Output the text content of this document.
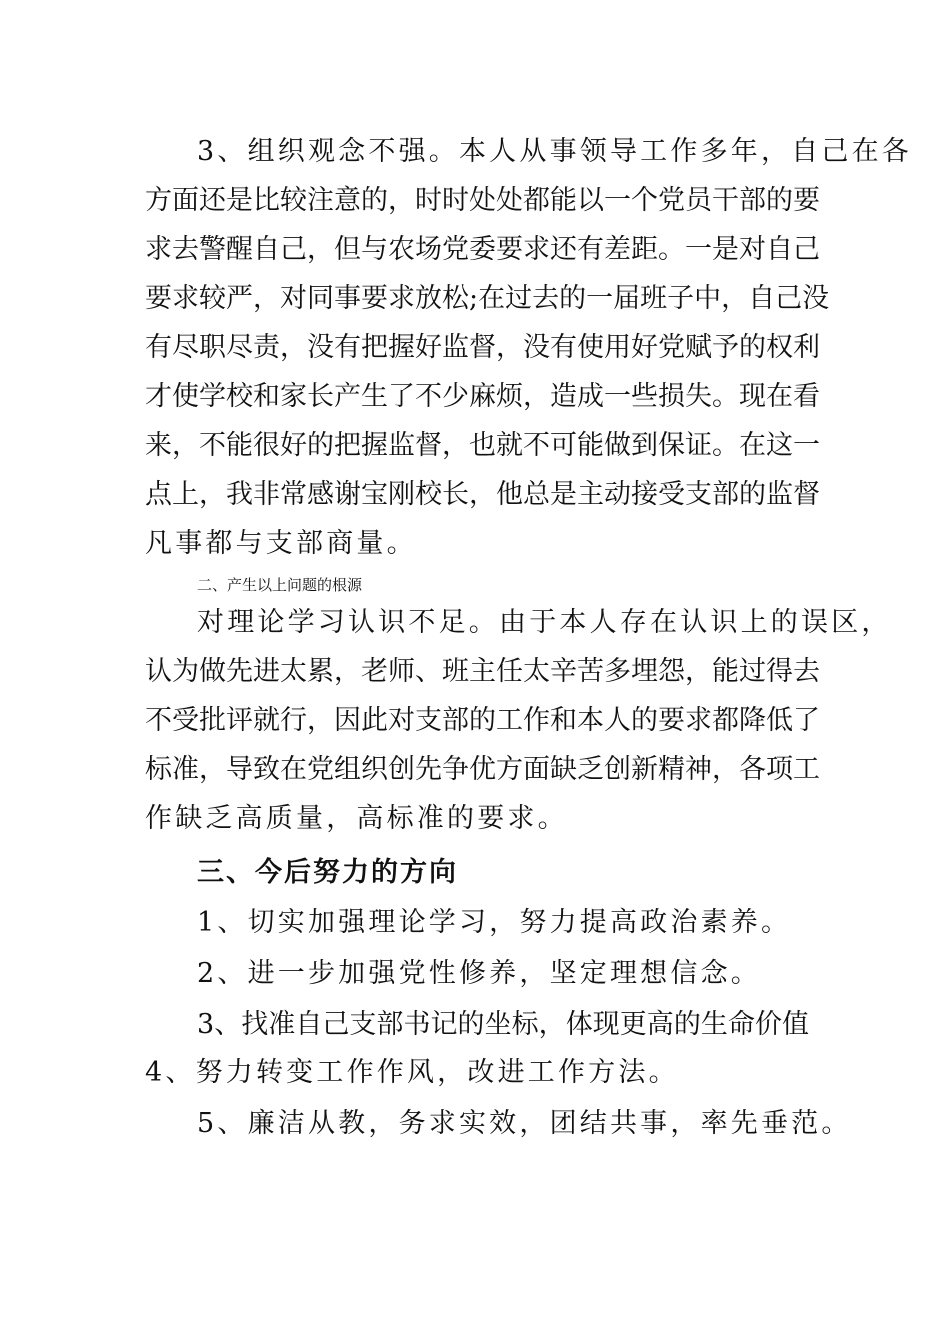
3、组织观念不强。本人从事领导工作多年，自己在各
方面还是比较注意的，时时处处都能以一个党员干部的要
求去警醒自己，但与农场党委要求还有差距。一是对自己
要求较严，对同事要求放松;在过去的一届班子中，自己没
有尽职尽责，没有把握好监督，没有使用好党赋予的权利
才使学校和家长产生了不少麻烦，造成一些损失。现在看
来，不能很好的把握监督，也就不可能做到保证。在这一
点上，我非常感谢宝刚校长，他总是主动接受支部的监督
凡事都与支部商量。
二、产生以上问题的根源
对理论学习认识不足。由于本人存在认识上的误区，
认为做先进太累，老师、班主任太辛苦多埋怨，能过得去
不受批评就行，因此对支部的工作和本人的要求都降低了
标准，导致在党组织创先争优方面缺乏创新精神，各项工
作缺乏高质量，高标准的要求。
三、今后努力的方向
1、切实加强理论学习，努力提高政治素养。
2、进一步加强党性修养，坚定理想信念。
3、找准自己支部书记的坐标，体现更高的生命价值
4、努力转变工作作风，改进工作方法。
5、廉洁从教，务求实效，团结共事，率先垂范。
